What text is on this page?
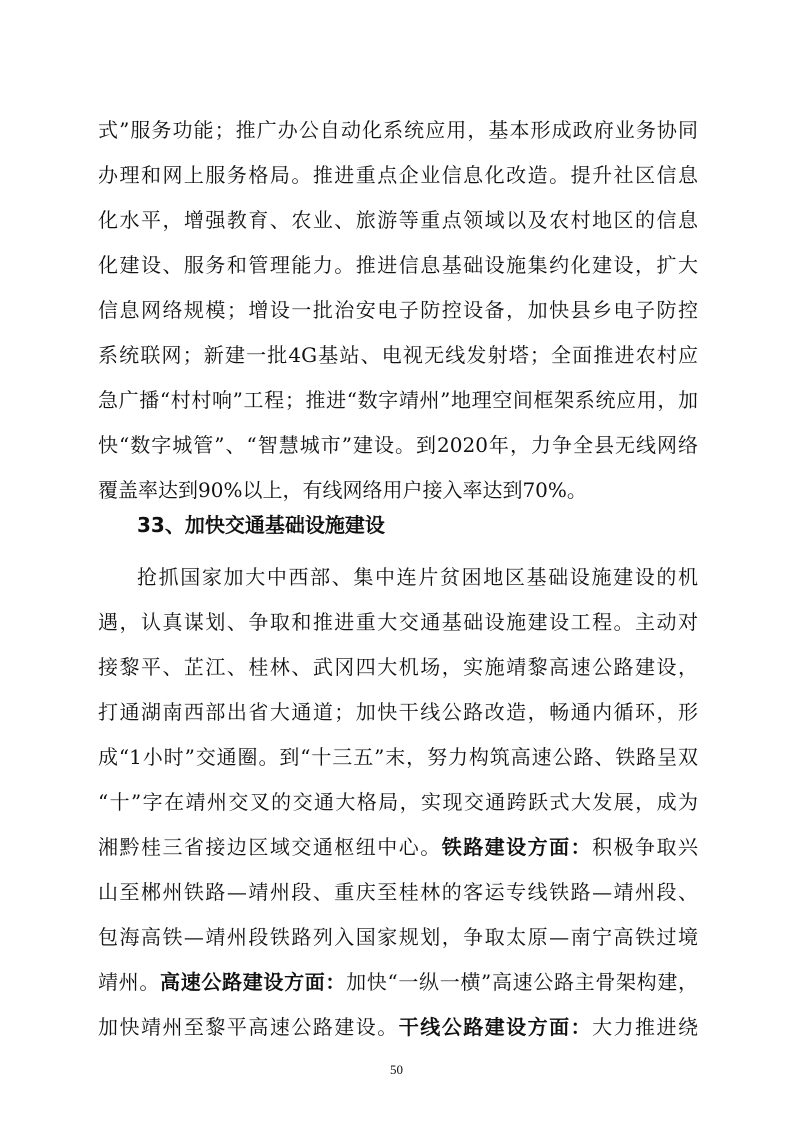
式”服务功能；推广办公自动化系统应用，基本形成政府业务协同
办理和网上服务格局。推进重点企业信息化改造。提升社区信息
化水平，增强教育、农业、旅游等重点领域以及农村地区的信息
化建设、服务和管理能力。推进信息基础设施集约化建设，扩大
信息网络规模；增设一批治安电子防控设备，加快县乡电子防控
系统联网；新建一批4G基站、电视无线发射塔；全面推进农村应
急广播“村村响”工程；推进“数字靖州”地理空间框架系统应用，加
快“数字城管”、“智慧城市”建设。到2020年，力争全县无线网络
覆盖率达到90%以上，有线网络用户接入率达到70%。
33、加快交通基础设施建设
抢抓国家加大中西部、集中连片贫困地区基础设施建设的机
遇，认真谋划、争取和推进重大交通基础设施建设工程。主动对
接黎平、芷江、桂林、武冈四大机场，实施靖黎高速公路建设，
打通湖南西部出省大通道；加快干线公路改造，畅通内循环，形
成“1小时”交通圈。到“十三五”末，努力构筑高速公路、铁路呈双
“十”字在靖州交叉的交通大格局，实现交通跨跃式大发展，成为
湘黔桂三省接边区域交通枢纽中心。铁路建设方面：积极争取兴
山至郴州铁路—靖州段、重庆至桂林的客运专线铁路—靖州段、
包海高铁—靖州段铁路列入国家规划，争取太原—南宁高铁过境
靖州。高速公路建设方面：加快“一纵一横”高速公路主骨架构建，
加快靖州至黎平高速公路建设。干线公路建设方面：大力推进绕
50
